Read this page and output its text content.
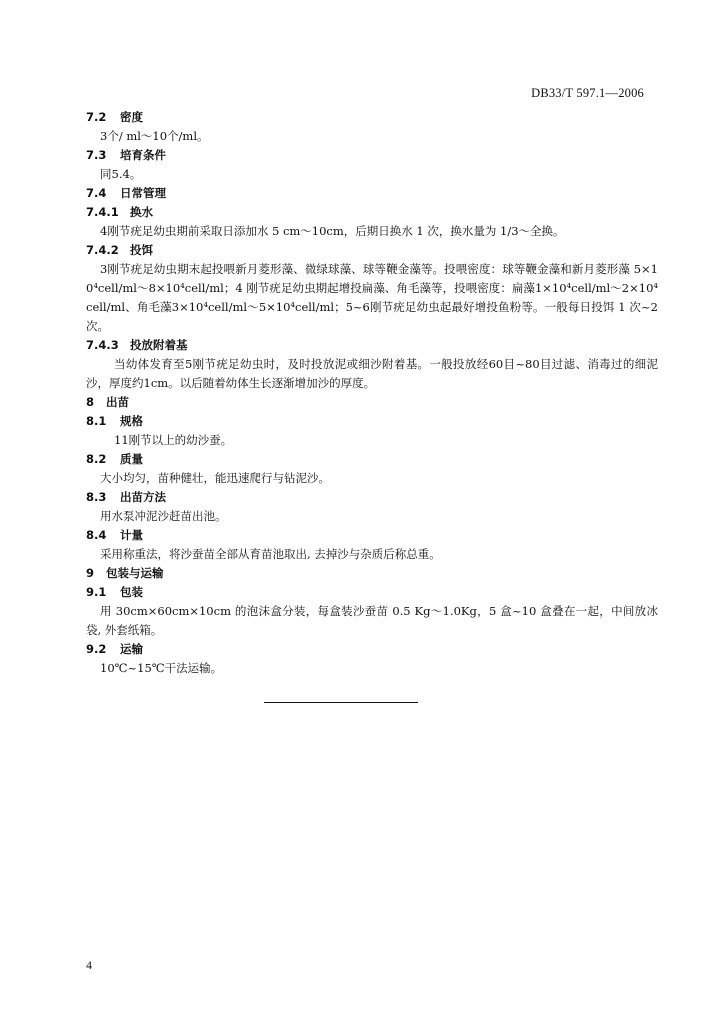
DB33/T 597.1—2006
7.2 密度
3个/ ml～10个/ml。
7.3 培育条件
同5.4。
7.4 日常管理
7.4.1 换水
4刚节疣足幼虫期前采取日添加水 5 cm～10cm，后期日换水 1 次，换水量为 1/3～全换。
7.4.2 投饵
3刚节疣足幼虫期末起投喂新月菱形藻、微绿球藻、球等鞭金藻等。投喂密度：球等鞭金藻和新月菱形藻 5×10⁴cell/ml～8×10⁴cell/ml；4 刚节疣足幼虫期起增投扁藻、角毛藻等，投喂密度：扁藻1×10⁴cell/ml～2×10⁴cell/ml、角毛藻3×10⁴cell/ml～5×10⁴cell/ml；5~6刚节疣足幼虫起最好增投鱼粉等。一般每日投饵 1 次~2 次。
7.4.3 投放附着基
当幼体发育至5刚节疣足幼虫时，及时投放泥或细沙附着基。一般投放经60目~80目过滤、消毒过的细泥沙，厚度约1cm。以后随着幼体生长逐渐增加沙的厚度。
8 出苗
8.1 规格
11刚节以上的幼沙蚕。
8.2 质量
大小均匀，苗种健壮，能迅速爬行与钻泥沙。
8.3 出苗方法
用水泵冲泥沙赶苗出池。
8.4 计量
采用称重法，将沙蚕苗全部从育苗池取出, 去掉沙与杂质后称总重。
9 包装与运输
9.1 包装
用 30cm×60cm×10cm 的泡沫盒分装，每盒装沙蚕苗 0.5 Kg～1.0Kg，5 盒~10 盒叠在一起，中间放冰袋, 外套纸箱。
9.2 运输
10℃~15℃干法运输。
4
